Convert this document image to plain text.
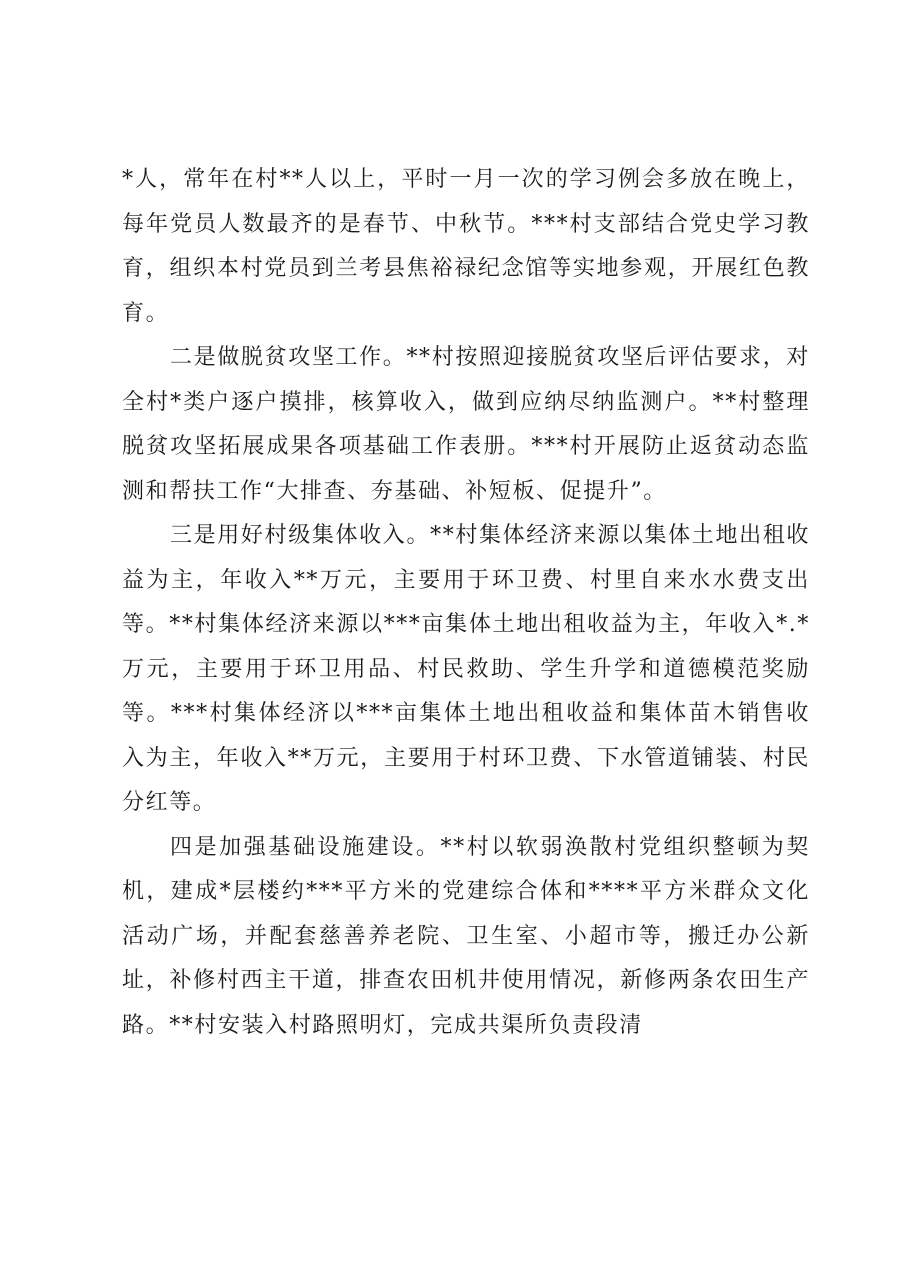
*人，常年在村**人以上，平时一月一次的学习例会多放在晚上，每年党员人数最齐的是春节、中秋节。***村支部结合党史学习教育，组织本村党员到兰考县焦裕禄纪念馆等实地参观，开展红色教育。

二是做脱贫攻坚工作。**村按照迎接脱贫攻坚后评估要求，对全村*类户逐户摸排，核算收入，做到应纳尽纳监测户。**村整理脱贫攻坚拓展成果各项基础工作表册。***村开展防止返贫动态监测和帮扶工作“大排查、夯基础、补短板、促提升”。

三是用好村级集体收入。**村集体经济来源以集体土地出租收益为主，年收入**万元，主要用于环卫费、村里自来水水费支出等。**村集体经济来源以***亩集体土地出租收益为主，年收入*.*万元，主要用于环卫用品、村民救助、学生升学和道德模范奖励等。***村集体经济以***亩集体土地出租收益和集体苗木销售收入为主，年收入**万元，主要用于村环卫费、下水管道铺装、村民分红等。

四是加强基础设施建设。**村以软弱涣散村党组织整顿为契机，建成*层楼约***平方米的党建综合体和****平方米群众文化活动广场，并配套慈善养老院、卫生室、小超市等，搬迁办公新址，补修村西主干道，排查农田机井使用情况，新修两条农田生产路。**村安装入村路照明灯，完成共渠所负责段清
